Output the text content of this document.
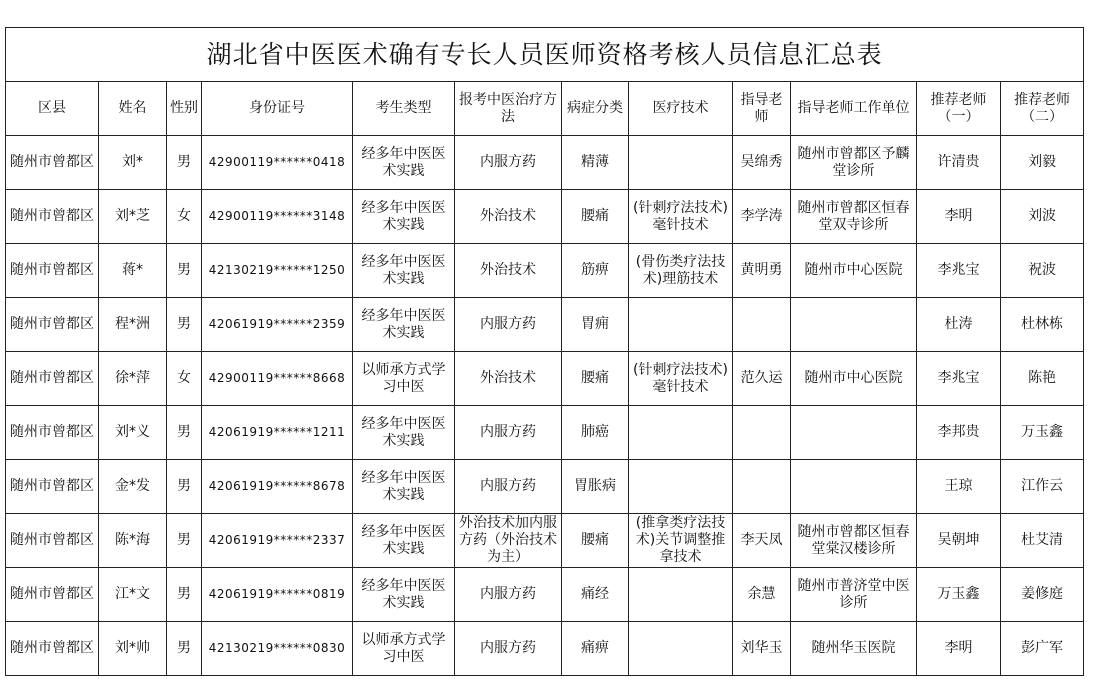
湖北省中医医术确有专长人员医师资格考核人员信息汇总表											
区县	姓名	性别	身份证号	考生类型	报考中医治疗方法	病症分类	医疗技术	指导老师	指导老师工作单位	推荐老师（一）	推荐老师（二）
随州市曾都区	刘*	男	42900119******0418	经多年中医医术实践	内服方药	精薄		吴绵秀	随州市曾都区予麟堂诊所	许清贵	刘毅
随州市曾都区	刘*芝	女	42900119******3148	经多年中医医术实践	外治技术	腰痛	(针刺疗法技术)毫针技术	李学涛	随州市曾都区恒春堂双寺诊所	李明	刘波
随州市曾都区	蒋*	男	42130219******1250	经多年中医医术实践	外治技术	筋痹	(骨伤类疗法技术)理筋技术	黄明勇	随州市中心医院	李兆宝	祝波
随州市曾都区	程*洲	男	42061919******2359	经多年中医医术实践	内服方药	胃痈				杜涛	杜林栋
随州市曾都区	徐*萍	女	42900119******8668	以师承方式学习中医	外治技术	腰痛	(针刺疗法技术)毫针技术	范久运	随州市中心医院	李兆宝	陈艳
随州市曾都区	刘*义	男	42061919******1211	经多年中医医术实践	内服方药	肺癌				李邦贵	万玉鑫
随州市曾都区	金*发	男	42061919******8678	经多年中医医术实践	内服方药	胃胀病				王琼	江作云
随州市曾都区	陈*海	男	42061919******2337	经多年中医医术实践	外治技术加内服方药（外治技术为主）	腰痛	(推拿类疗法技术)关节调整推拿技术	李天凤	随州市曾都区恒春堂棠汉楼诊所	吴朝坤	杜艾清
随州市曾都区	江*文	男	42061919******0819	经多年中医医术实践	内服方药	痛经		余慧	随州市普济堂中医诊所	万玉鑫	姜修庭
随州市曾都区	刘*帅	男	42130219******0830	以师承方式学习中医	内服方药	痛痹		刘华玉	随州华玉医院	李明	彭广军
